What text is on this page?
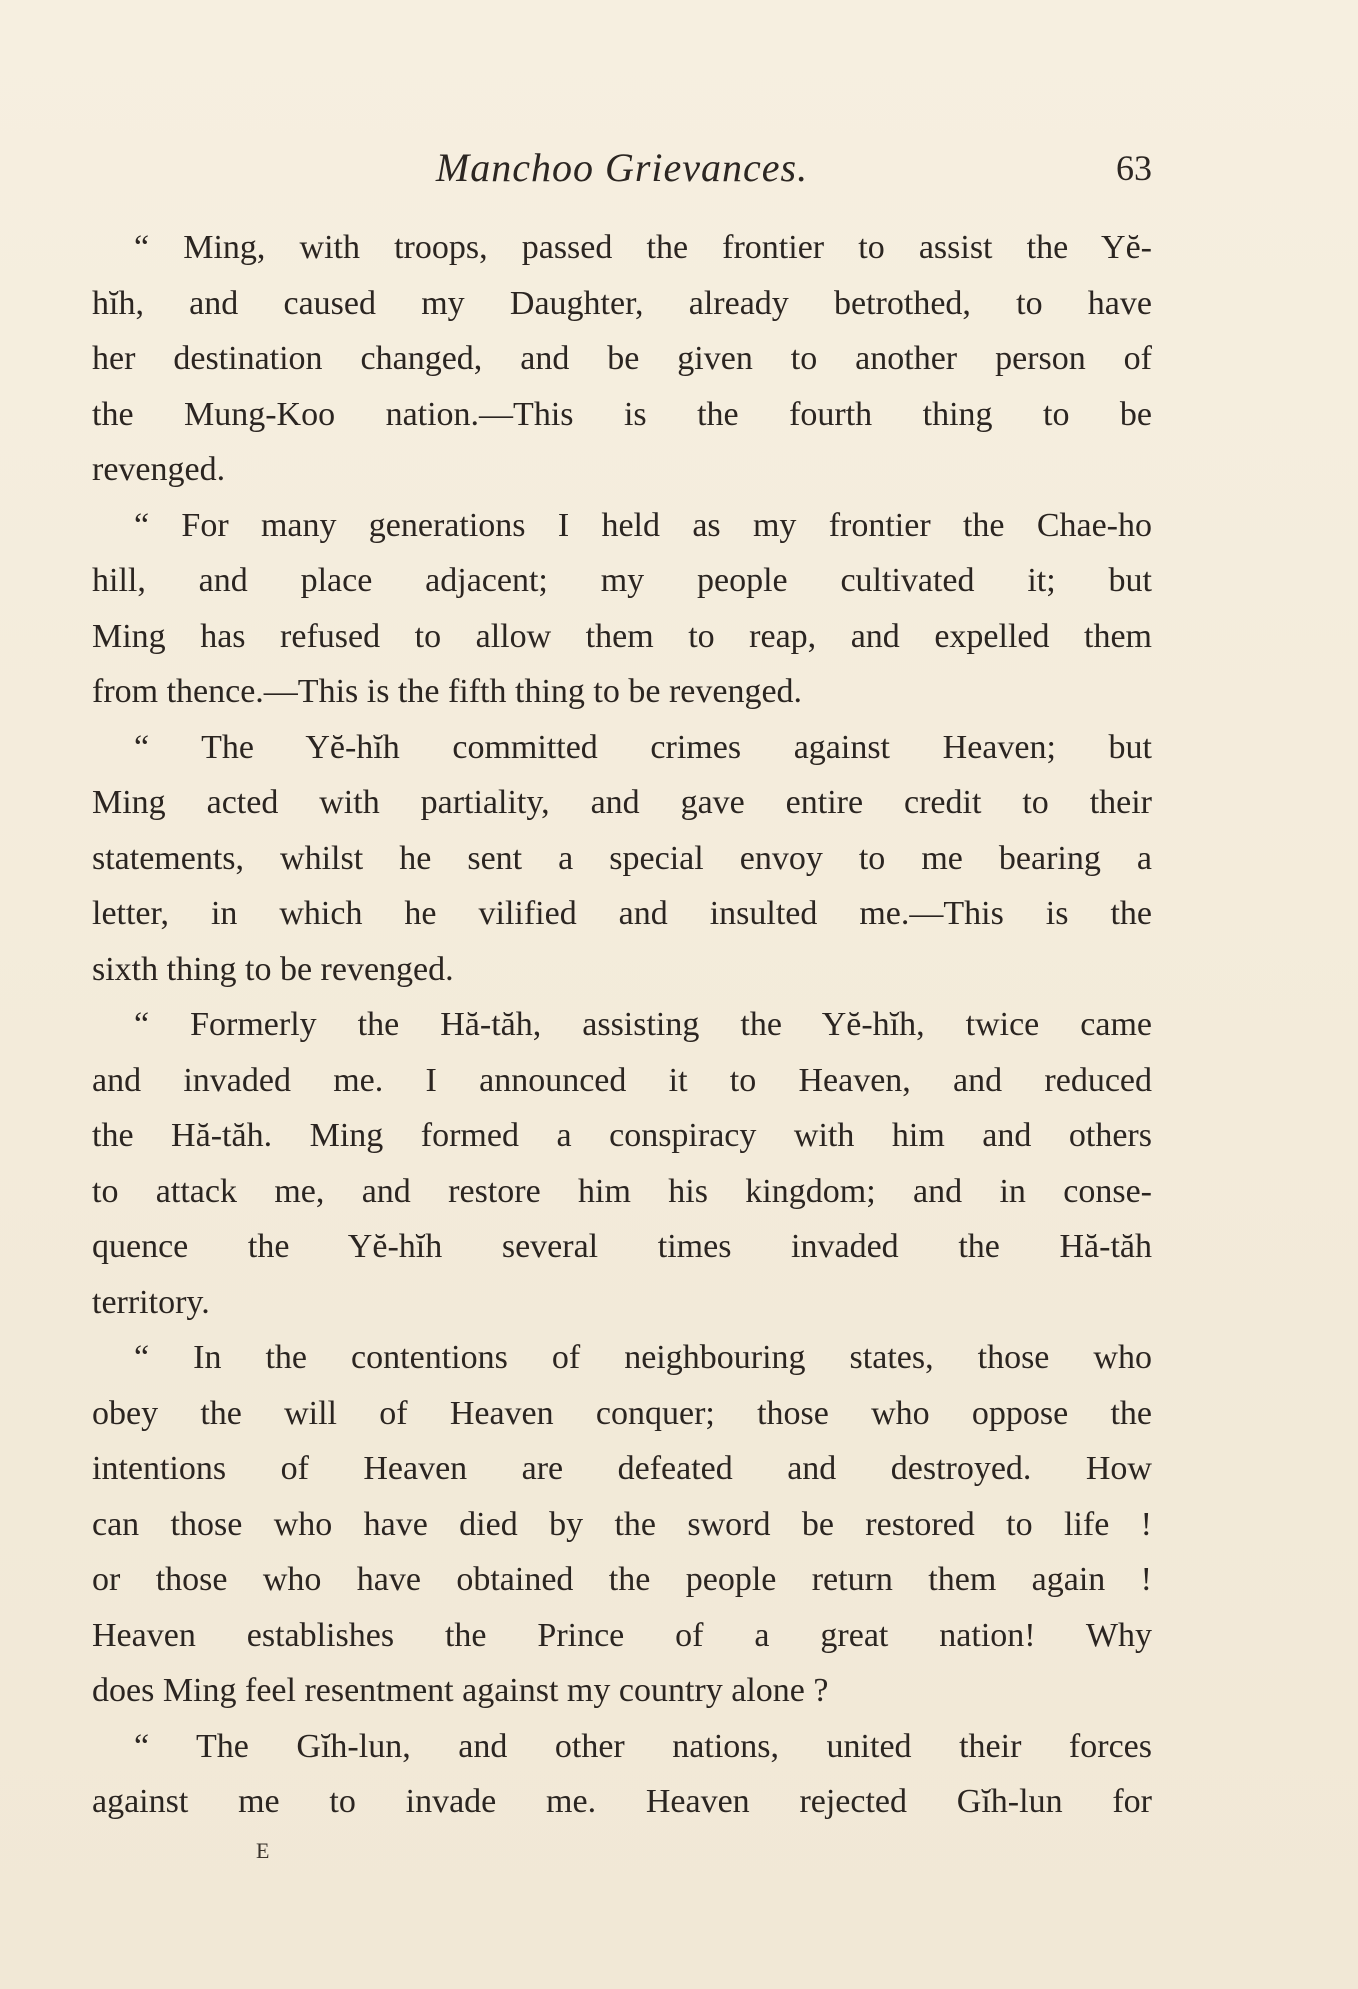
Manchoo Grievances.	63
“ Ming, with troops, passed the frontier to assist the Yĕ-
hĭh, and caused my Daughter, already betrothed, to have
her destination changed, and be given to another person of
the Mung-Koo nation.—This is the fourth thing to be
revenged.
“ For many generations I held as my frontier the Chae-ho
hill, and place adjacent; my people cultivated it; but
Ming has refused to allow them to reap, and expelled them
from thence.—This is the fifth thing to be revenged.
“ The Yĕ-hĭh committed crimes against Heaven; but
Ming acted with partiality, and gave entire credit to their
statements, whilst he sent a special envoy to me bearing a
letter, in which he vilified and insulted me.—This is the
sixth thing to be revenged.
“ Formerly the Hă-tăh, assisting the Yĕ-hĭh, twice came
and invaded me. I announced it to Heaven, and reduced
the Hă-tăh. Ming formed a conspiracy with him and others
to attack me, and restore him his kingdom; and in conse-
quence the Yĕ-hĭh several times invaded the Hă-tăh
territory.
“ In the contentions of neighbouring states, those who
obey the will of Heaven conquer; those who oppose the
intentions of Heaven are defeated and destroyed. How
can those who have died by the sword be restored to life !
or those who have obtained the people return them again !
Heaven establishes the Prince of a great nation! Why
does Ming feel resentment against my country alone ?
“ The Gĭh-lun, and other nations, united their forces
against me to invade me. Heaven rejected Gĭh-lun for
E
